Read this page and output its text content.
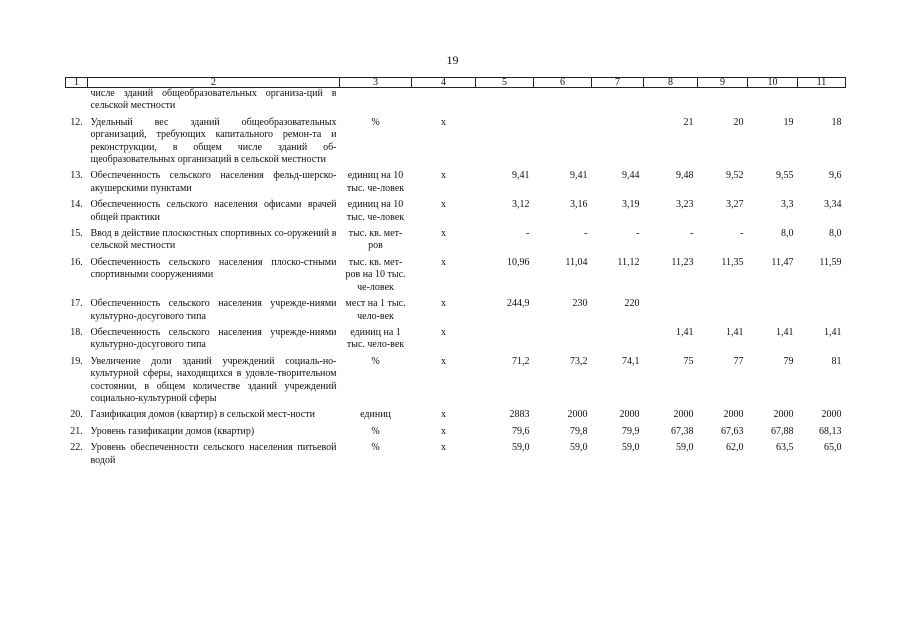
19
1	2	3	4	5	6	7	8	9	10	11
	числе зданий общеобразовательных организа-ций в сельской местности									
12.	Удельный вес зданий общеобразовательных организаций, требующих капитального ремон-та и реконструкции, в общем числе зданий об-щеобразовательных организаций в сельской местности	%	x				21	20	19	18
13.	Обеспеченность сельского населения фельд-шерско-акушерскими пунктами	единиц на 10 тыс. че-ловек	x	9,41	9,41	9,44	9,48	9,52	9,55	9,6
14.	Обеспеченность сельского населения офисами врачей общей практики	единиц на 10 тыс. че-ловек	x	3,12	3,16	3,19	3,23	3,27	3,3	3,34
15.	Ввод в действие плоскостных спортивных со-оружений в сельской местности	тыс. кв. мет-ров	x	-	-	-	-	-	8,0	8,0
16.	Обеспеченность сельского населения плоско-стными спортивными сооружениями	тыс. кв. мет-ров на 10 тыс. че-ловек	x	10,96	11,04	11,12	11,23	11,35	11,47	11,59
17.	Обеспеченность сельского населения учрежде-ниями культурно-досугового типа	мест на 1 тыс. чело-век	x	244,9	230	220				
18.	Обеспеченность сельского населения учрежде-ниями культурно-досугового типа	единиц на 1 тыс. чело-век	x				1,41	1,41	1,41	1,41
19.	Увеличение доли зданий учреждений социаль-но-культурной сферы, находящихся в удовле-творительном состоянии, в общем количестве зданий учреждений социально-культурной сферы	%	x	71,2	73,2	74,1	75	77	79	81
20.	Газификация домов (квартир) в сельской мест-ности	единиц	x	2883	2000	2000	2000	2000	2000	2000
21.	Уровень газификации домов (квартир)	%	x	79,6	79,8	79,9	67,38	67,63	67,88	68,13
22.	Уровень обеспеченности сельского населения питьевой водой	%	x	59,0	59,0	59,0	59,0	62,0	63,5	65,0
